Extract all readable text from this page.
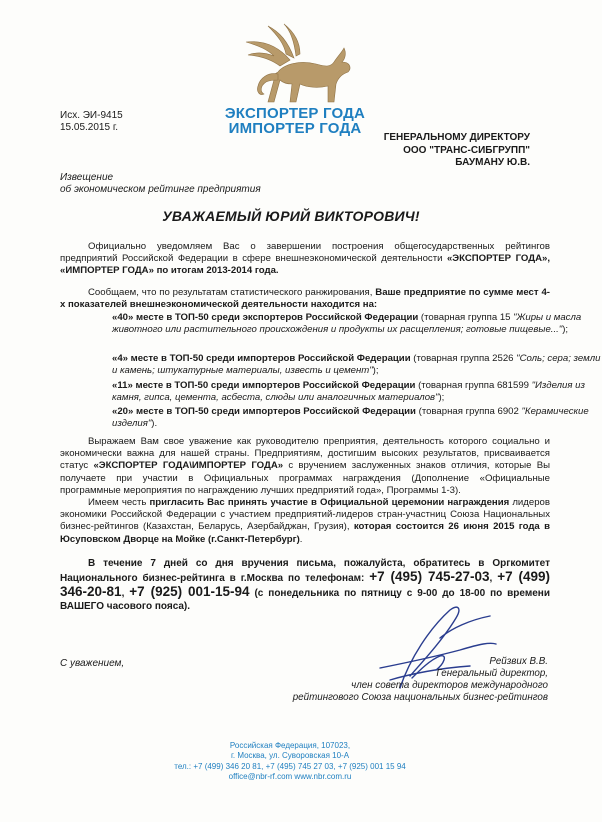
ЭКСПОРТЕР ГОДА
ИМПОРТЕР ГОДА
Исх. ЭИ-9415
15.05.2015 г.
ГЕНЕРАЛЬНОМУ ДИРЕКТОРУ
ООО "ТРАНС-СИБГРУПП"
БАУМАНУ Ю.В.
Извещение
об экономическом рейтинге предприятия
УВАЖАЕМЫЙ ЮРИЙ ВИКТОРОВИЧ!
Официально уведомляем Вас о завершении построения общегосударственных рейтингов предприятий Российской Федерации в сфере внешнеэкономической деятельности «ЭКСПОРТЕР ГОДА», «ИМПОРТЕР ГОДА» по итогам 2013-2014 года.
Сообщаем, что по результатам статистического ранжирования, Ваше предприятие по сумме мест 4-х показателей внешнеэкономической деятельности находится на:
«40» месте в ТОП-50 среди экспортеров Российской Федерации (товарная группа 15 "Жиры и масла животного или растительного происхождения и продукты их расщепления; готовые пищевые...");
«4» месте в ТОП-50 среди импортеров Российской Федерации (товарная группа 2526 "Соль; сера; земли и камень; штукатурные материалы, известь и цемент");
«11» месте в ТОП-50 среди импортеров Российской Федерации (товарная группа 681599 "Изделия из камня, гипса, цемента, асбеста, слюды или аналогичных материалов");
«20» месте в ТОП-50 среди импортеров Российской Федерации (товарная группа 6902 "Керамические изделия").
Выражаем Вам свое уважение как руководителю преприятия, деятельность которого социально и экономически важна для нашей страны. Предприятиям, достигшим высоких результатов, присваивается статус «ЭКСПОРТЕР ГОДА\ИМПОРТЕР ГОДА» с вручением заслуженных знаков отличия, которые Вы получаете при участии в Официальных программах награждения (Дополнение «Официальные программные мероприятия по награждению лучших предприятий года», Программы 1-3).
Имеем честь пригласить Вас принять участие в Официальной церемонии награждения лидеров экономики Российской Федерации с участием предприятий-лидеров стран-участниц Союза Национальных бизнес-рейтингов (Казахстан, Беларусь, Азербайджан, Грузия), которая состоится 26 июня 2015 года в Юсуповском Дворце на Мойке (г.Санкт-Петербург).
В течение 7 дней со дня вручения письма, пожалуйста, обратитесь в Оргкомитет Национального бизнес-рейтинга в г.Москва по телефонам: +7 (495) 745-27-03, +7 (499) 346-20-81, +7 (925) 001-15-94 (с понедельника по пятницу с 9-00 до 18-00 по времени ВАШЕГО часового пояса).
С уважением,	Рейзвих В.В.
Генеральный директор,
член совета директоров международного
рейтингового Союза национальных бизнес-рейтингов
Российская Федерация, 107023,
г. Москва, ул. Суворовская 10-А
тел.: +7 (499) 346 20 81, +7 (495) 745 27 03, +7 (925) 001 15 94
office@nbr-rf.com www.nbr.com.ru
